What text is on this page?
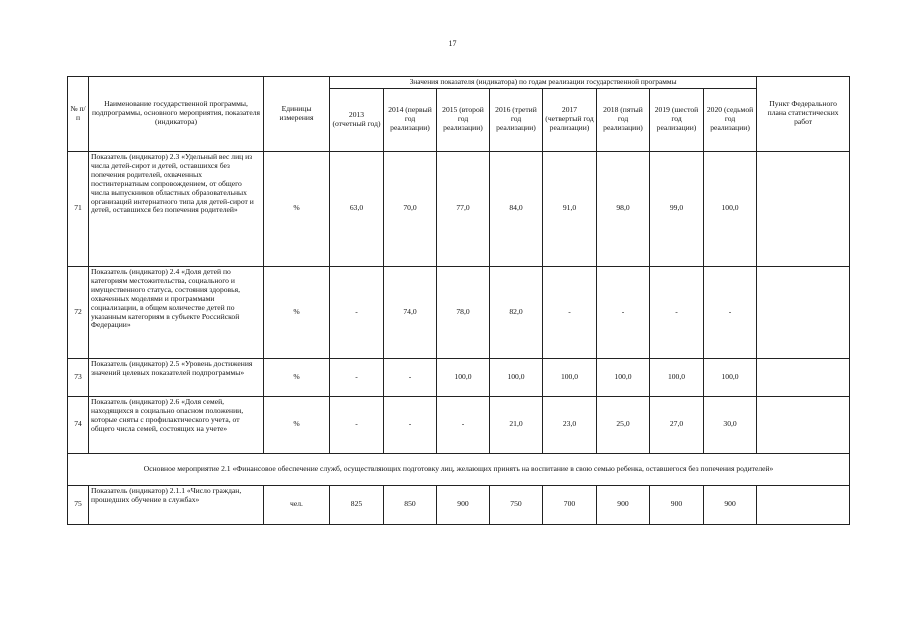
17
№ п/п	Наименование государственной программы, подпрограммы, основного мероприятия, показателя (индикатора)	Единицы измерения	Значения показателя (индикатора) по годам реализации государственной программы								Пункт Федерального плана статистических работ
			2013 (отчетный год)	2014 (первый год реализации)	2015 (второй год реализации)	2016 (третий год реализации)	2017 (четвертый год реализации)	2018 (пятый год реализации)	2019 (шестой год реализации)	2020 (седьмой год реализации)	
71	Показатель (индикатор) 2.3 «Удельный вес лиц из числа детей-сирот и детей, оставшихся без попечения родителей, охваченных постинтернатным сопровождением, от общего числа выпускников областных образовательных организаций интернатного типа для детей-сирот и детей, оставшихся без попечения родителей»	%	63,0	70,0	77,0	84,0	91,0	98,0	99,0	100,0	
72	Показатель (индикатор) 2.4 «Доля детей по категориям местожительства, социального и имущественного статуса, состояния здоровья, охваченных моделями и программами социализации, в общем количестве детей по указанным категориям в субъекте Российской Федерации»	%	-	74,0	78,0	82,0	-	-	-	-	
73	Показатель (индикатор) 2.5 «Уровень достижения значений целевых показателей подпрограммы»	%	-	-	100,0	100,0	100,0	100,0	100,0	100,0	
74	Показатель (индикатор) 2.6 «Доля семей, находящихся в социально опасном положении, которые сняты с профилактического учета, от общего числа семей, состоящих на учете»	%	-	-	-	21,0	23,0	25,0	27,0	30,0	
Основное мероприятие 2.1 «Финансовое обеспечение служб, осуществляющих подготовку лиц, желающих принять на воспитание в свою семью ребенка, оставшегося без попечения родителей»											
75	Показатель (индикатор) 2.1.1 «Число граждан, прошедших обучение в службах»	чел.	825	850	900	750	700	900	900	900	
